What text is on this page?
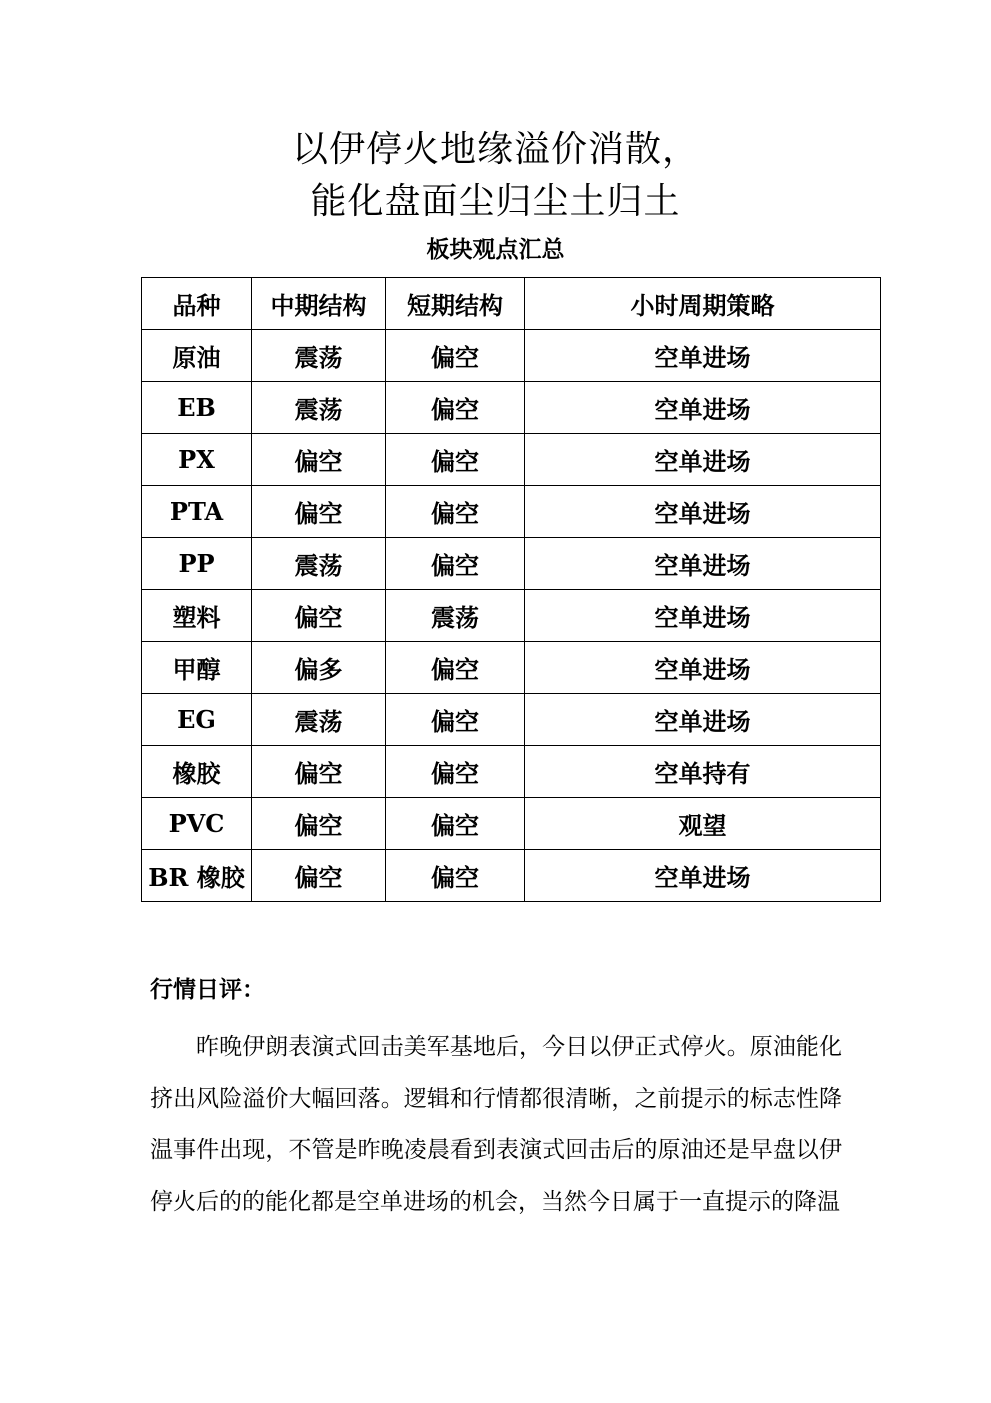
以伊停火地缘溢价消散，
能化盘面尘归尘土归土
板块观点汇总
品种	中期结构	短期结构	小时周期策略
原油	震荡	偏空	空单进场
EB	震荡	偏空	空单进场
PX	偏空	偏空	空单进场
PTA	偏空	偏空	空单进场
PP	震荡	偏空	空单进场
塑料	偏空	震荡	空单进场
甲醇	偏多	偏空	空单进场
EG	震荡	偏空	空单进场
橡胶	偏空	偏空	空单持有
PVC	偏空	偏空	观望
BR 橡胶	偏空	偏空	空单进场
行情日评：

昨晚伊朗表演式回击美军基地后，今日以伊正式停火。原油能化挤出风险溢价大幅回落。逻辑和行情都很清晰，之前提示的标志性降温事件出现，不管是昨晚凌晨看到表演式回击后的原油还是早盘以伊停火后的的能化都是空单进场的机会，当然今日属于一直提示的降温
